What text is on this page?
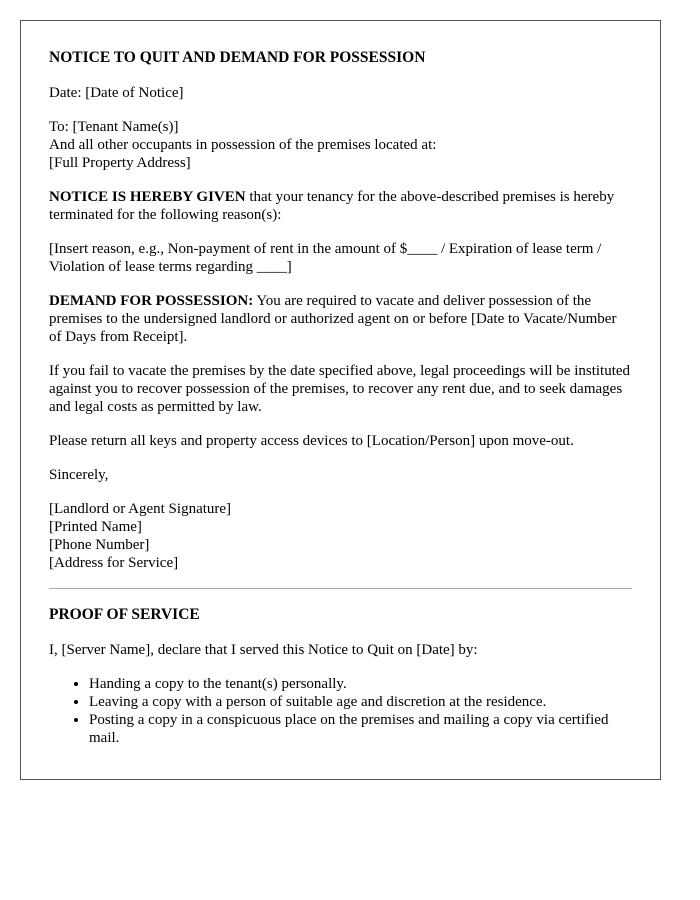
NOTICE TO QUIT AND DEMAND FOR POSSESSION

Date: [Date of Notice]

To: [Tenant Name(s)]
And all other occupants in possession of the premises located at:
[Full Property Address]

NOTICE IS HEREBY GIVEN that your tenancy for the above-described premises is hereby terminated for the following reason(s):

[Insert reason, e.g., Non-payment of rent in the amount of $____ / Expiration of lease term / Violation of lease terms regarding ____]

DEMAND FOR POSSESSION: You are required to vacate and deliver possession of the premises to the undersigned landlord or authorized agent on or before [Date to Vacate/Number of Days from Receipt].

If you fail to vacate the premises by the date specified above, legal proceedings will be instituted against you to recover possession of the premises, to recover any rent due, and to seek damages and legal costs as permitted by law.

Please return all keys and property access devices to [Location/Person] upon move-out.

Sincerely,

[Landlord or Agent Signature]
[Printed Name]
[Phone Number]
[Address for Service]

PROOF OF SERVICE

I, [Server Name], declare that I served this Notice to Quit on [Date] by:

• Handing a copy to the tenant(s) personally.
• Leaving a copy with a person of suitable age and discretion at the residence.
• Posting a copy in a conspicuous place on the premises and mailing a copy via certified mail.
